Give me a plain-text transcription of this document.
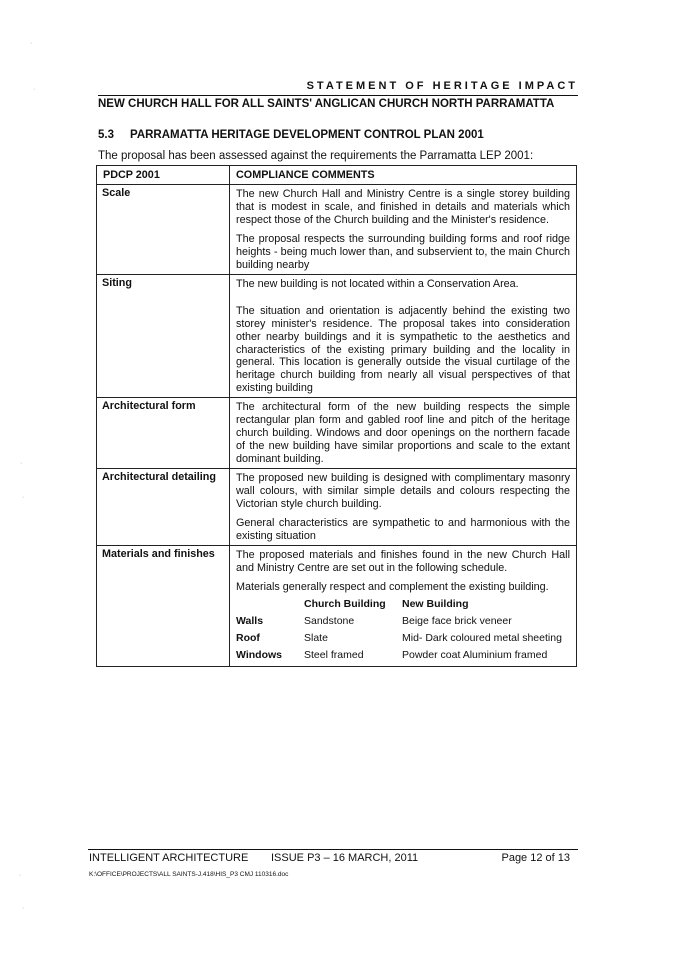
·
·
·
·
·
·
STATEMENT OF HERITAGE IMPACT
NEW CHURCH HALL FOR ALL SAINTS' ANGLICAN CHURCH NORTH PARRAMATTA
5.3 PARRAMATTA HERITAGE DEVELOPMENT CONTROL PLAN 2001
The proposal has been assessed against the requirements the Parramatta LEP 2001:
PDCP 2001	COMPLIANCE COMMENTS
Scale	The new Church Hall and Ministry Centre is a single storey building that is modest in scale, and finished in details and materials which respect those of the Church building and the Minister's residence.

The proposal respects the surrounding building forms and roof ridge heights - being much lower than, and subservient to, the main Church building nearby

Siting	The new building is not located within a Conservation Area.

The situation and orientation is adjacently behind the existing two storey minister's residence. The proposal takes into consideration other nearby buildings and it is sympathetic to the aesthetics and characteristics of the existing primary building and the locality in general. This location is generally outside the visual curtilage of the heritage church building from nearly all visual perspectives of that existing building

Architectural form	The architectural form of the new building respects the simple rectangular plan form and gabled roof line and pitch of the heritage church building. Windows and door openings on the northern facade of the new building have similar proportions and scale to the extant dominant building.

Architectural detailing	The proposed new building is designed with complimentary masonry wall colours, with similar simple details and colours respecting the Victorian style church building.

General characteristics are sympathetic to and harmonious with the existing situation

Materials and finishes	The proposed materials and finishes found in the new Church Hall and Ministry Centre are set out in the following schedule.

Materials generally respect and complement the existing building.

	Church Building	New Building
Walls	Sandstone	Beige face brick veneer
Roof	Slate	Mid- Dark coloured metal sheeting
Windows	Steel framed	Powder coat Aluminium framed
INTELLIGENT ARCHITECTURE ISSUE P3 – 16 MARCH, 2011	Page 12 of 13
K:\OFFICE\PROJECTS\ALL SAINTS-J.418\HIS_P3 CMJ 110316.doc
